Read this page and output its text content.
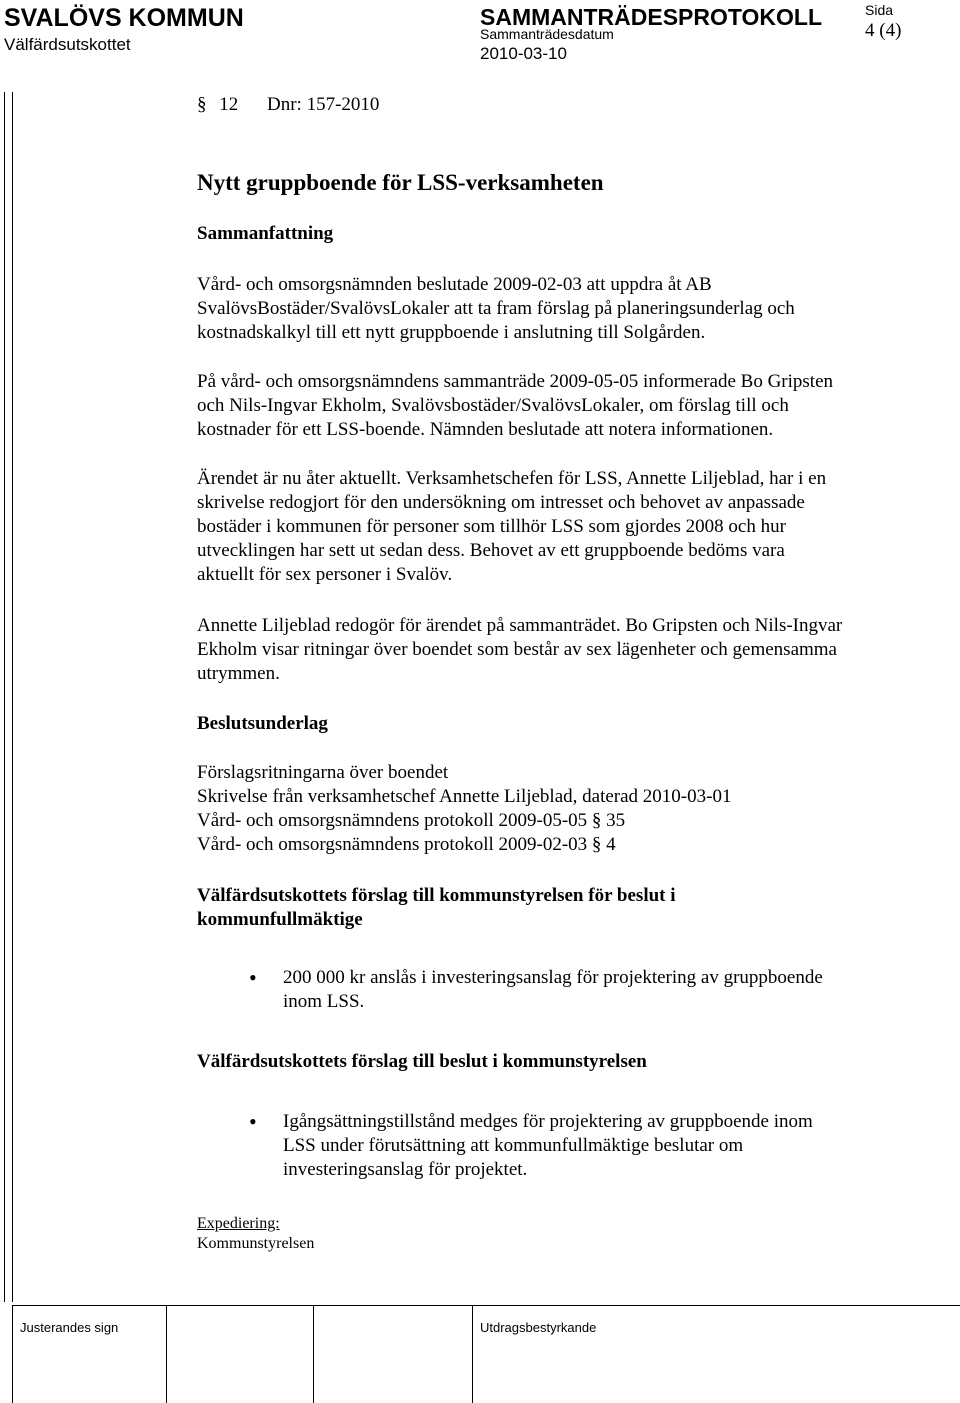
SVALÖVS KOMMUN
Välfärdsutskottet
SAMMANTRÄDESPROTOKOLL
Sammanträdesdatum
2010-03-10
Sida
4 (4)
§ 12 Dnr: 157-2010
Nytt gruppboende för LSS-verksamheten
Sammanfattning
Vård- och omsorgsnämnden beslutade 2009-02-03 att uppdra åt AB
SvalövsBostäder/SvalövsLokaler att ta fram förslag på planeringsunderlag och
kostnadskalkyl till ett nytt gruppboende i anslutning till Solgården.
På vård- och omsorgsnämndens sammanträde 2009-05-05 informerade Bo Gripsten
och Nils-Ingvar Ekholm, Svalövsbostäder/SvalövsLokaler, om förslag till och
kostnader för ett LSS-boende. Nämnden beslutade att notera informationen.
Ärendet är nu åter aktuellt. Verksamhetschefen för LSS, Annette Liljeblad, har i en
skrivelse redogjort för den undersökning om intresset och behovet av anpassade
bostäder i kommunen för personer som tillhör LSS som gjordes 2008 och hur
utvecklingen har sett ut sedan dess. Behovet av ett gruppboende bedöms vara
aktuellt för sex personer i Svalöv.
Annette Liljeblad redogör för ärendet på sammanträdet. Bo Gripsten och Nils-Ingvar
Ekholm visar ritningar över boendet som består av sex lägenheter och gemensamma
utrymmen.
Beslutsunderlag
Förslagsritningarna över boendet
Skrivelse från verksamhetschef Annette Liljeblad, daterad 2010-03-01
Vård- och omsorgsnämndens protokoll 2009-05-05 § 35
Vård- och omsorgsnämndens protokoll 2009-02-03 § 4
Välfärdsutskottets förslag till kommunstyrelsen för beslut i
kommunfullmäktige
200 000 kr anslås i investeringsanslag för projektering av gruppboende
inom LSS.
•
Välfärdsutskottets förslag till beslut i kommunstyrelsen
Igångsättningstillstånd medges för projektering av gruppboende inom
LSS under förutsättning att kommunfullmäktige beslutar om
investeringsanslag för projektet.
•
Expediering:
Kommunstyrelsen
Justerandes sign	Utdragsbestyrkande
